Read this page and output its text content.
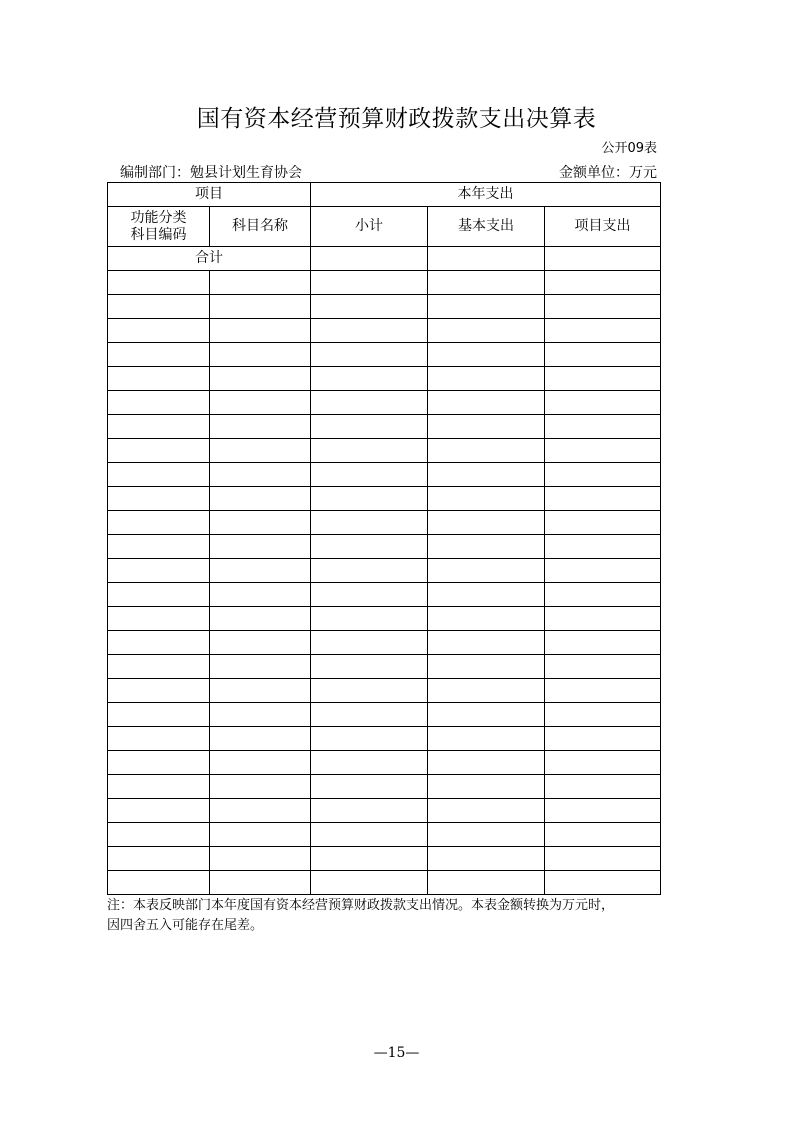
国有资本经营预算财政拨款支出决算表
公开09表
编制部门：勉县计划生育协会	金额单位：万元
项目		本年支出		

功能分类
科目编码	科目名称	小计	基本支出	项目支出
合计				

注：本表反映部门本年度国有资本经营预算财政拨款支出情况。本表金额转换为万元时，
因四舍五入可能存在尾差。
—15—
